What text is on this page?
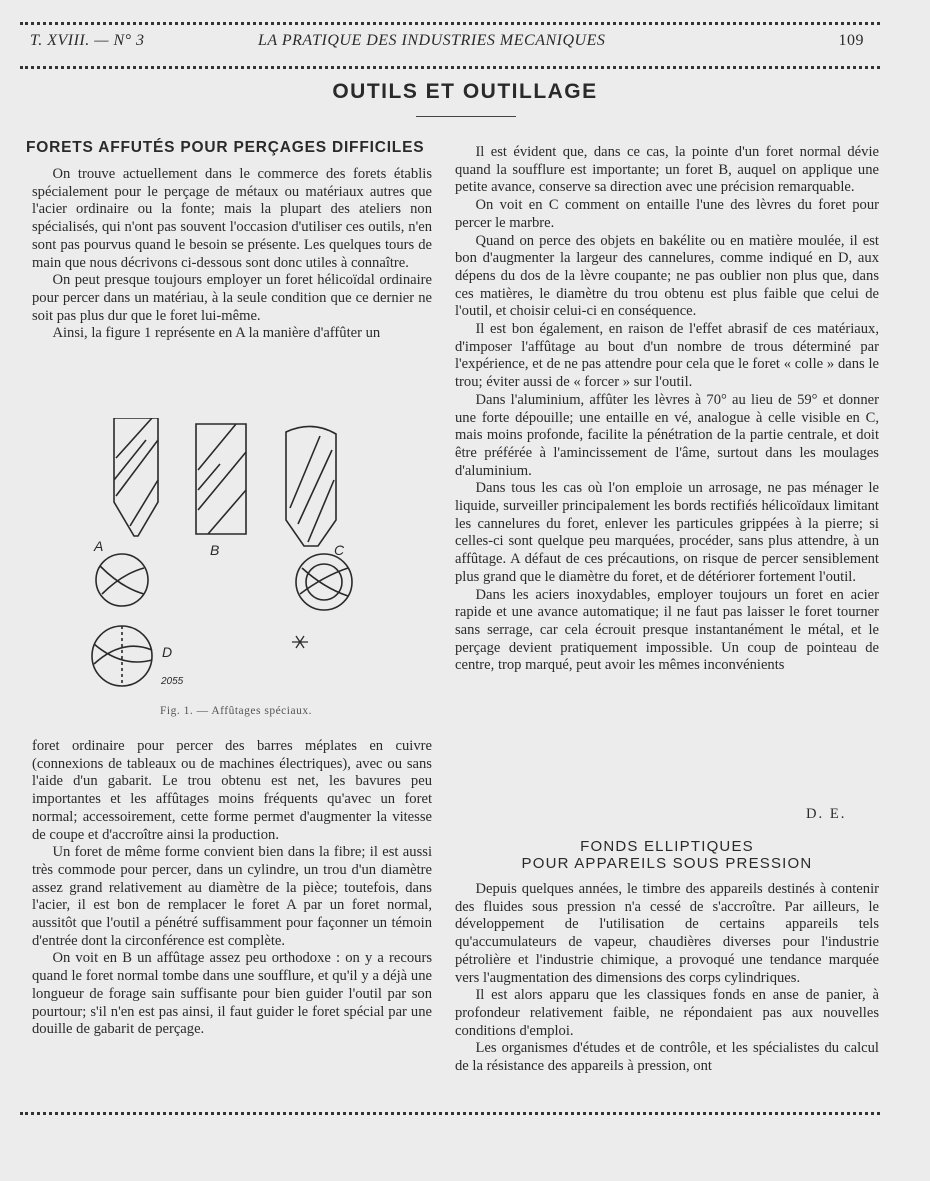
T. XVIII. — N° 3	LA PRATIQUE DES INDUSTRIES MECANIQUES	109
OUTILS ET OUTILLAGE
FORETS AFFUTÉS POUR PERÇAGES DIFFICILES

On trouve actuellement dans le commerce des forets établis spécialement pour le perçage de métaux ou matériaux autres que l'acier ordinaire ou la fonte; mais la plupart des ateliers non spécialisés, qui n'ont pas souvent l'occasion d'utiliser ces outils, n'en sont pas pourvus quand le besoin se présente. Les quelques tours de main que nous décrivons ci-dessous sont donc utiles à connaître.

On peut presque toujours employer un foret hélicoïdal ordinaire pour percer dans un matériau, à la seule condition que ce dernier ne soit pas plus dur que le foret lui-même.

Ainsi, la figure 1 représente en A la manière d'affûter un

A	B	C
D
2055
Fig. 1. — Affûtages spéciaux.

foret ordinaire pour percer des barres méplates en cuivre (connexions de tableaux ou de machines électriques), avec ou sans l'aide d'un gabarit. Le trou obtenu est net, les bavures peu importantes et les affûtages moins fréquents qu'avec un foret normal; accessoirement, cette forme permet d'augmenter la vitesse de coupe et d'accroître ainsi la production.

Un foret de même forme convient bien dans la fibre; il est aussi très commode pour percer, dans un cylindre, un trou d'un diamètre assez grand relativement au diamètre de la pièce; toutefois, dans l'acier, il est bon de remplacer le foret A par un foret normal, aussitôt que l'outil a pénétré suffisamment pour façonner un témoin d'entrée dont la circonférence est complète.

On voit en B un affûtage assez peu orthodoxe : on y a recours quand le foret normal tombe dans une soufflure, et qu'il y a déjà une longueur de forage sain suffisante pour bien guider l'outil par son pourtour; s'il n'en est pas ainsi, il faut guider le foret spécial par une douille de gabarit de perçage.

Il est évident que, dans ce cas, la pointe d'un foret normal dévie quand la soufflure est importante; un foret B, auquel on applique une petite avance, conserve sa direction avec une précision remarquable.

On voit en C comment on entaille l'une des lèvres du foret pour percer le marbre.

Quand on perce des objets en bakélite ou en matière moulée, il est bon d'augmenter la largeur des cannelures, comme indiqué en D, aux dépens du dos de la lèvre coupante; ne pas oublier non plus que, dans ces matières, le diamètre du trou obtenu est plus faible que celui de l'outil, et choisir celui-ci en conséquence.

Il est bon également, en raison de l'effet abrasif de ces matériaux, d'imposer l'affûtage au bout d'un nombre de trous déterminé par l'expérience, et de ne pas attendre pour cela que le foret « colle » dans le trou; éviter aussi de « forcer » sur l'outil.

Dans l'aluminium, affûter les lèvres à 70° au lieu de 59° et donner une forte dépouille; une entaille en vé, analogue à celle visible en C, mais moins profonde, facilite la pénétration de la partie centrale, et doit être préférée à l'amincissement de l'âme, surtout dans les moulages d'aluminium.

Dans tous les cas où l'on emploie un arrosage, ne pas ménager le liquide, surveiller principalement les bords rectifiés hélicoïdaux limitant les cannelures du foret, enlever les particules grippées à la pierre; si celles-ci sont quelque peu marquées, procéder, sans plus attendre, à un affûtage. A défaut de ces précautions, on risque de percer sensiblement plus grand que le diamètre du foret, et de détériorer fortement l'outil.

Dans les aciers inoxydables, employer toujours un foret en acier rapide et une avance automatique; il ne faut pas laisser le foret tourner sans serrage, car cela écrouit presque instantanément le métal, et le perçage devient pratiquement impossible. Un coup de pointeau de centre, trop marqué, peut avoir les mêmes inconvénients

D. E.
FONDS ELLIPTIQUES
POUR APPAREILS SOUS PRESSION

Depuis quelques années, le timbre des appareils destinés à contenir des fluides sous pression n'a cessé de s'accroître. Par ailleurs, le développement de l'utilisation de certains appareils tels qu'accumulateurs de vapeur, chaudières diverses pour l'industrie pétrolière et l'industrie chimique, a provoqué une tendance marquée vers l'augmentation des dimensions des corps cylindriques.

Il est alors apparu que les classiques fonds en anse de panier, à profondeur relativement faible, ne répondaient pas aux nouvelles conditions d'emploi.

Les organismes d'études et de contrôle, et les spécialistes du calcul de la résistance des appareils à pression, ont
